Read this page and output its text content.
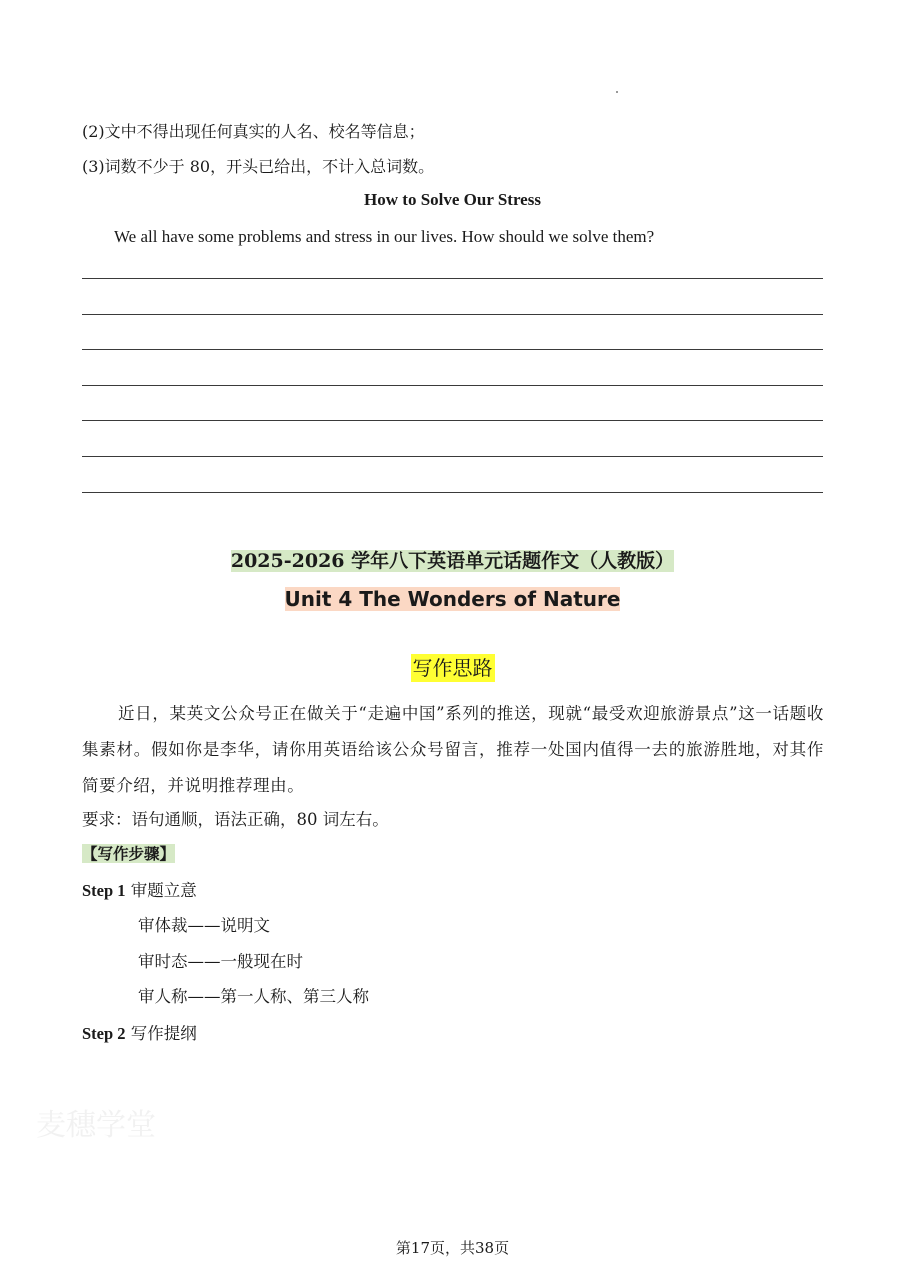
(2)文中不得出现任何真实的人名、校名等信息；
(3)词数不少于 80，开头已给出，不计入总词数。
How to Solve Our Stress
We all have some problems and stress in our lives. How should we solve them?
2025-2026 学年八下英语单元话题作文（人教版）
Unit 4 The Wonders of Nature
写作思路
近日，某英文公众号正在做关于“走遍中国”系列的推送，现就“最受欢迎旅游景点”这一话题收集素材。假如你是李华，请你用英语给该公众号留言，推荐一处国内值得一去的旅游胜地，对其作简要介绍，并说明推荐理由。
要求：语句通顺，语法正确，80 词左右。
【写作步骤】
Step 1 审题立意
审体裁——说明文
审时态——一般现在时
审人称——第一人称、第三人称
Step 2 写作提纲
麦穗学堂
第17页，共38页
